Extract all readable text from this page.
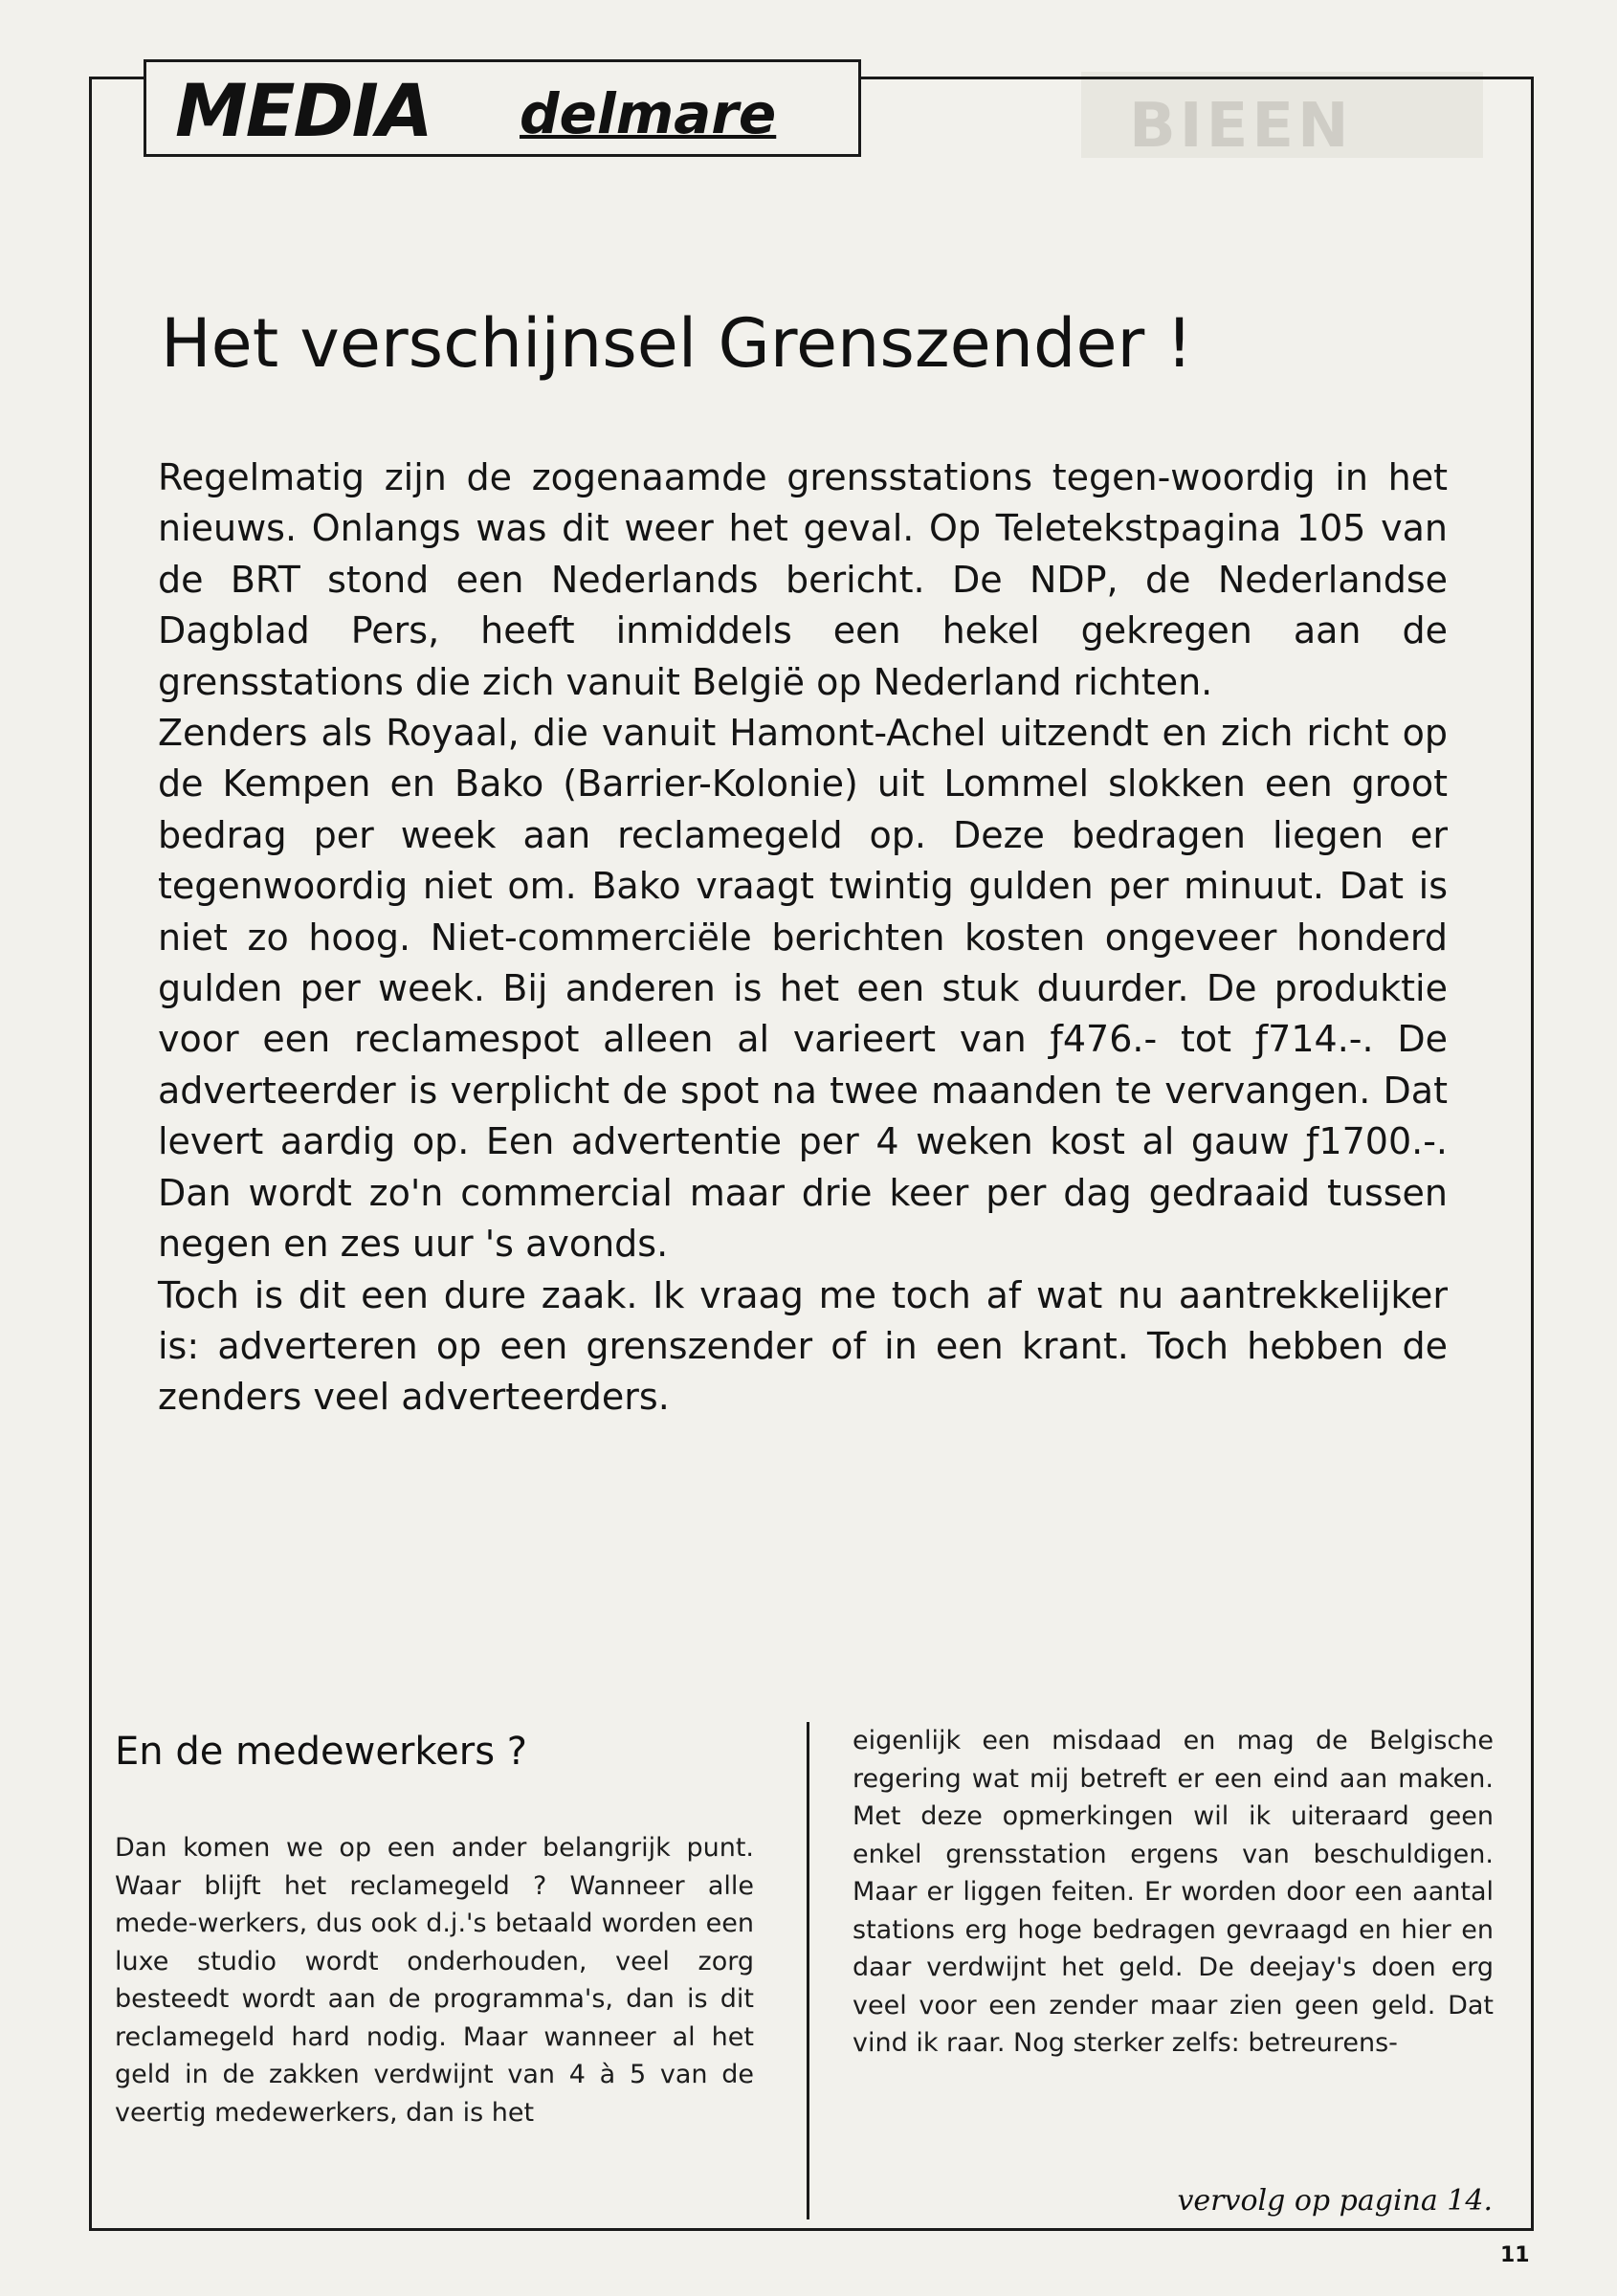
BIEEN
MEDIA delmare
Het verschijnsel Grenszender !

Regelmatig zijn de zogenaamde grensstations tegen-woordig in het nieuws. Onlangs was dit weer het geval. Op Teletekstpagina 105 van de BRT stond een Nederlands bericht. De NDP, de Nederlandse Dagblad Pers, heeft inmiddels een hekel gekregen aan de grensstations die zich vanuit België op Nederland richten.

Zenders als Royaal, die vanuit Hamont-Achel uitzendt en zich richt op de Kempen en Bako (Barrier-Kolonie) uit Lommel slokken een groot bedrag per week aan reclamegeld op. Deze bedragen liegen er tegenwoordig niet om. Bako vraagt twintig gulden per minuut. Dat is niet zo hoog. Niet-commerciële berichten kosten ongeveer honderd gulden per week. Bij anderen is het een stuk duurder. De produktie voor een reclamespot alleen al varieert van ƒ476.- tot ƒ714.-. De adverteerder is verplicht de spot na twee maanden te vervangen. Dat levert aardig op. Een advertentie per 4 weken kost al gauw ƒ1700.-. Dan wordt zo'n commercial maar drie keer per dag gedraaid tussen negen en zes uur 's avonds.

Toch is dit een dure zaak. Ik vraag me toch af wat nu aantrekkelijker is: adverteren op een grenszender of in een krant. Toch hebben de zenders veel adverteerders.

En de medewerkers ?

Dan komen we op een ander belangrijk punt. Waar blijft het reclamegeld ? Wanneer alle mede-werkers, dus ook d.j.'s betaald worden een luxe studio wordt onderhouden, veel zorg besteedt wordt aan de programma's, dan is dit reclamegeld hard nodig. Maar wanneer al het geld in de zakken verdwijnt van 4 à 5 van de veertig medewerkers, dan is het

eigenlijk een misdaad en mag de Belgische regering wat mij betreft er een eind aan maken. Met deze opmerkingen wil ik uiteraard geen enkel grensstation ergens van beschuldigen. Maar er liggen feiten. Er worden door een aantal stations erg hoge bedragen gevraagd en hier en daar verdwijnt het geld. De deejay's doen erg veel voor een zender maar zien geen geld. Dat vind ik raar. Nog sterker zelfs: betreurens-

vervolg op pagina 14.
11
